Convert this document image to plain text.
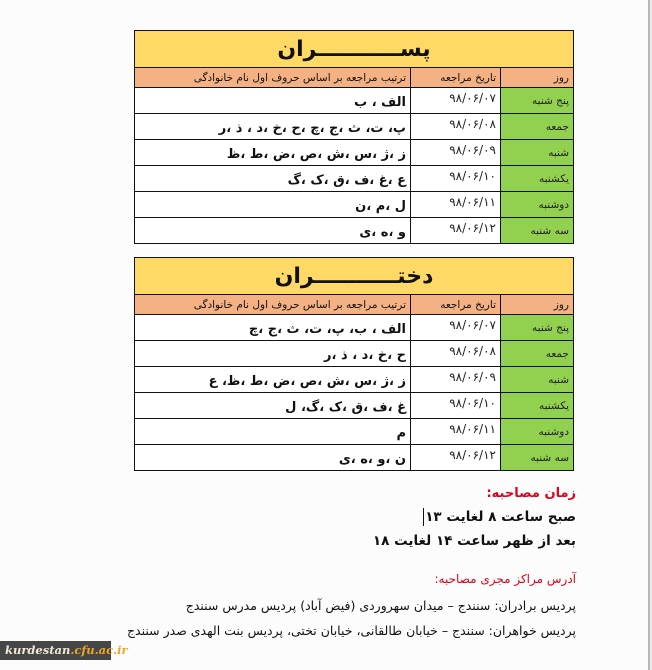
پســـــــــــران		
روز	تاریخ مراجعه	ترتیب مراجعه بر اساس حروف اول نام خانوادگی
پنج شنبه	۹۸/۰۶/۰۷	الف ، ب
جمعه	۹۸/۰۶/۰۸	پ، ت، ث ،ج ،چ ،ح ،خ ،د ، ذ ،ر
شنبه	۹۸/۰۶/۰۹	ز ،ژ ،س ،ش ،ص ،ض ،ط ،ظ
یکشنبه	۹۸/۰۶/۱۰	ع ،غ ،ف ،ق ،ک ،گ
دوشنبه	۹۸/۰۶/۱۱	ل ،م ،ن
سه شنبه	۹۸/۰۶/۱۲	و ،ه ،ی
دختـــــــــــران		
روز	تاریخ مراجعه	ترتیب مراجعه بر اساس حروف اول نام خانوادگی
پنج شنبه	۹۸/۰۶/۰۷	الف ، ب، پ، ت، ث ،ج ،چ
جمعه	۹۸/۰۶/۰۸	ح ،خ ،د ، ذ ،ر
شنبه	۹۸/۰۶/۰۹	ز ،ژ ،س ،ش ،ص ،ض ،ط ،ظ، ع
یکشنبه	۹۸/۰۶/۱۰	غ ،ف ،ق ،ک ،گ، ل
دوشنبه	۹۸/۰۶/۱۱	م
سه شنبه	۹۸/۰۶/۱۲	ن ،و ،ه ،ی
زمان مصاحبه:
صبح ساعت ۸ لغایت ۱۳
بعد از ظهر ساعت ۱۴ لغایت ۱۸
آدرس مراکز مجری مصاحبه:
پردیس برادران: سنندج – میدان سهروردی (فیض آباد) پردیس مدرس سنندج
پردیس خواهران: سنندج – خیابان طالقانی، خیابان تختی، پردیس بنت الهدی صدر سنندج
kurdestan.cfu.ac.ir
